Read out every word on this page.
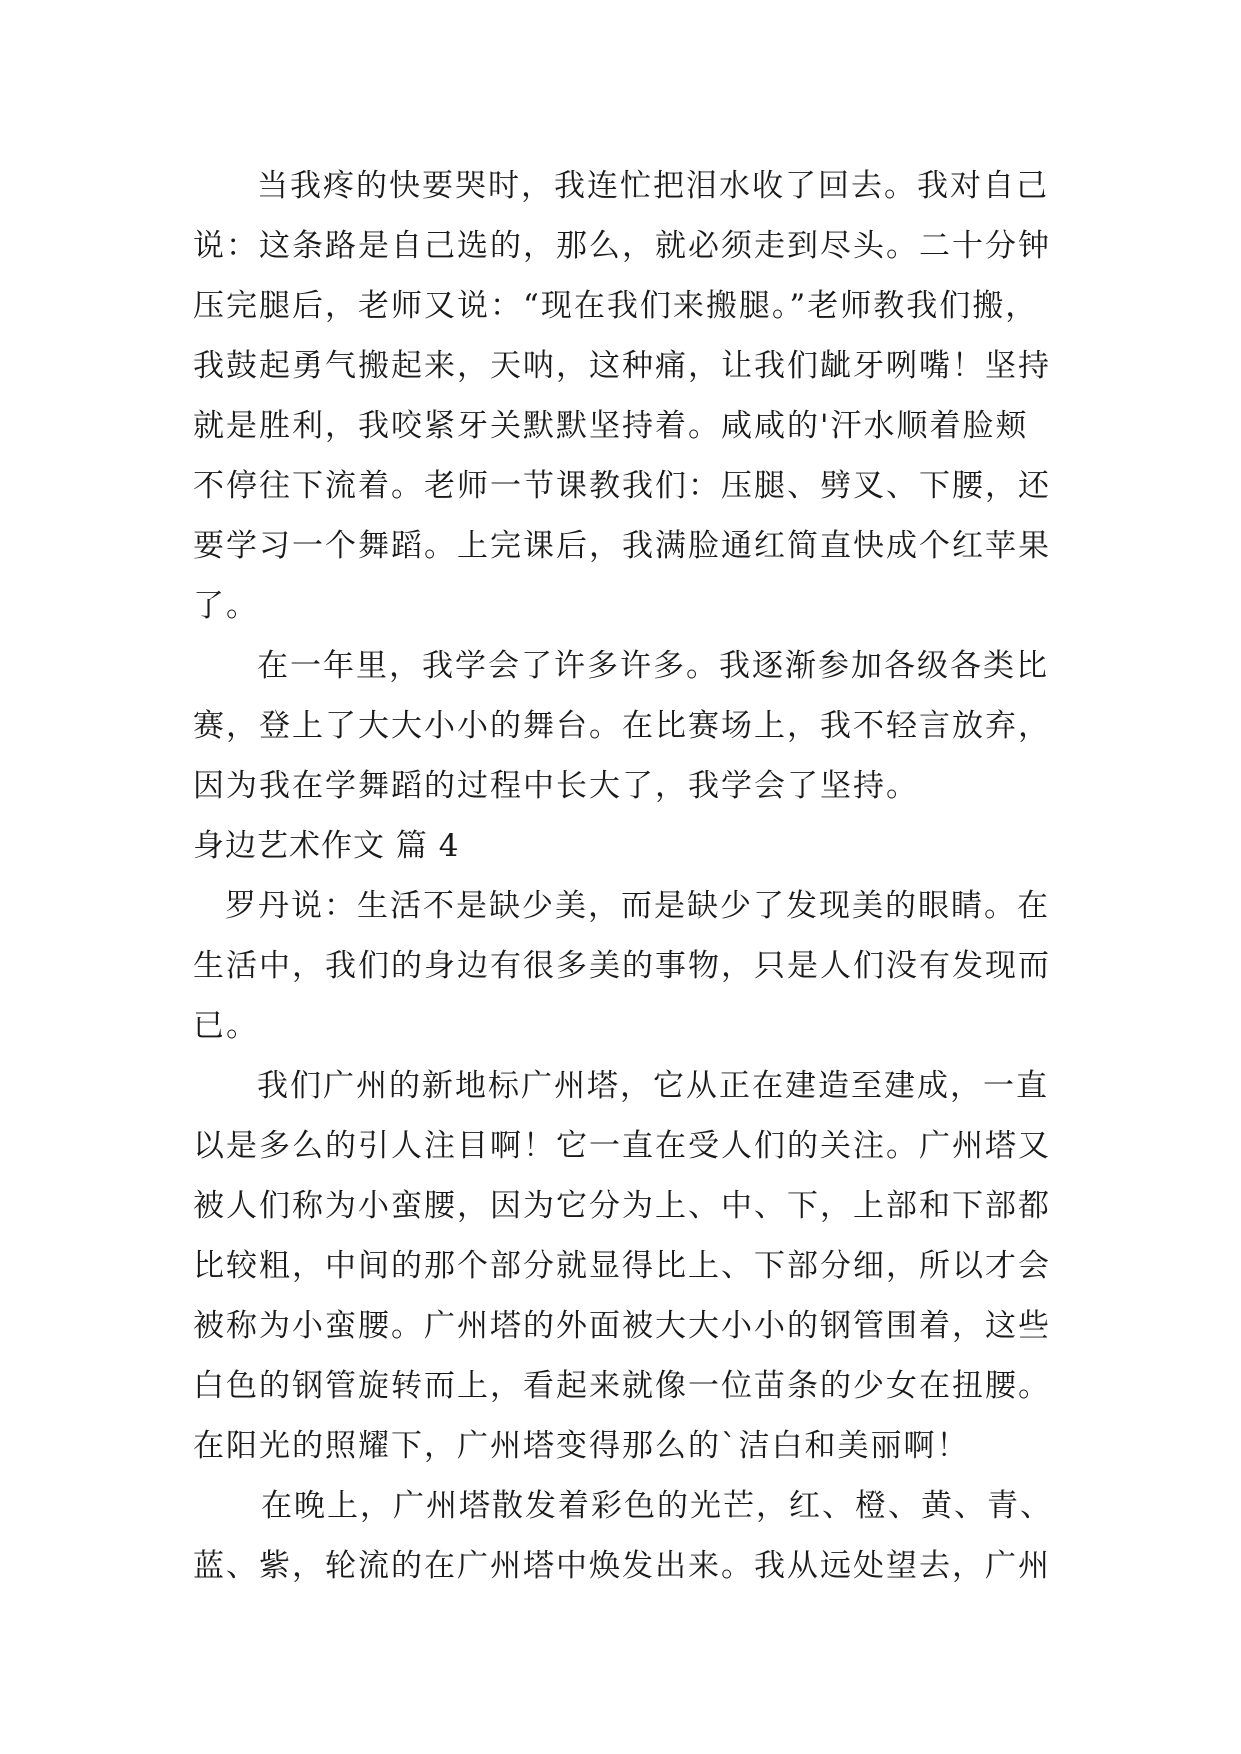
当我疼的快要哭时，我连忙把泪水收了回去。我对自己
说：这条路是自己选的，那么，就必须走到尽头。二十分钟
压完腿后，老师又说：“现在我们来搬腿。”老师教我们搬，
我鼓起勇气搬起来，天呐，这种痛，让我们龇牙咧嘴！坚持
就是胜利，我咬紧牙关默默坚持着。咸咸的'汗水顺着脸颊
不停往下流着。老师一节课教我们：压腿、劈叉、下腰，还
要学习一个舞蹈。上完课后，我满脸通红简直快成个红苹果
了。
在一年里，我学会了许多许多。我逐渐参加各级各类比
赛，登上了大大小小的舞台。在比赛场上，我不轻言放弃，
因为我在学舞蹈的过程中长大了，我学会了坚持。
身边艺术作文 篇 4
罗丹说：生活不是缺少美，而是缺少了发现美的眼睛。在
生活中，我们的身边有很多美的事物，只是人们没有发现而
已。
我们广州的新地标广州塔，它从正在建造至建成，一直
以是多么的引人注目啊！它一直在受人们的关注。广州塔又
被人们称为小蛮腰，因为它分为上、中、下，上部和下部都
比较粗，中间的那个部分就显得比上、下部分细，所以才会
被称为小蛮腰。广州塔的外面被大大小小的钢管围着，这些
白色的钢管旋转而上，看起来就像一位苗条的少女在扭腰。
在阳光的照耀下，广州塔变得那么的`洁白和美丽啊！
在晚上，广州塔散发着彩色的光芒，红、橙、黄、青、
蓝、紫，轮流的在广州塔中焕发出来。我从远处望去，广州
